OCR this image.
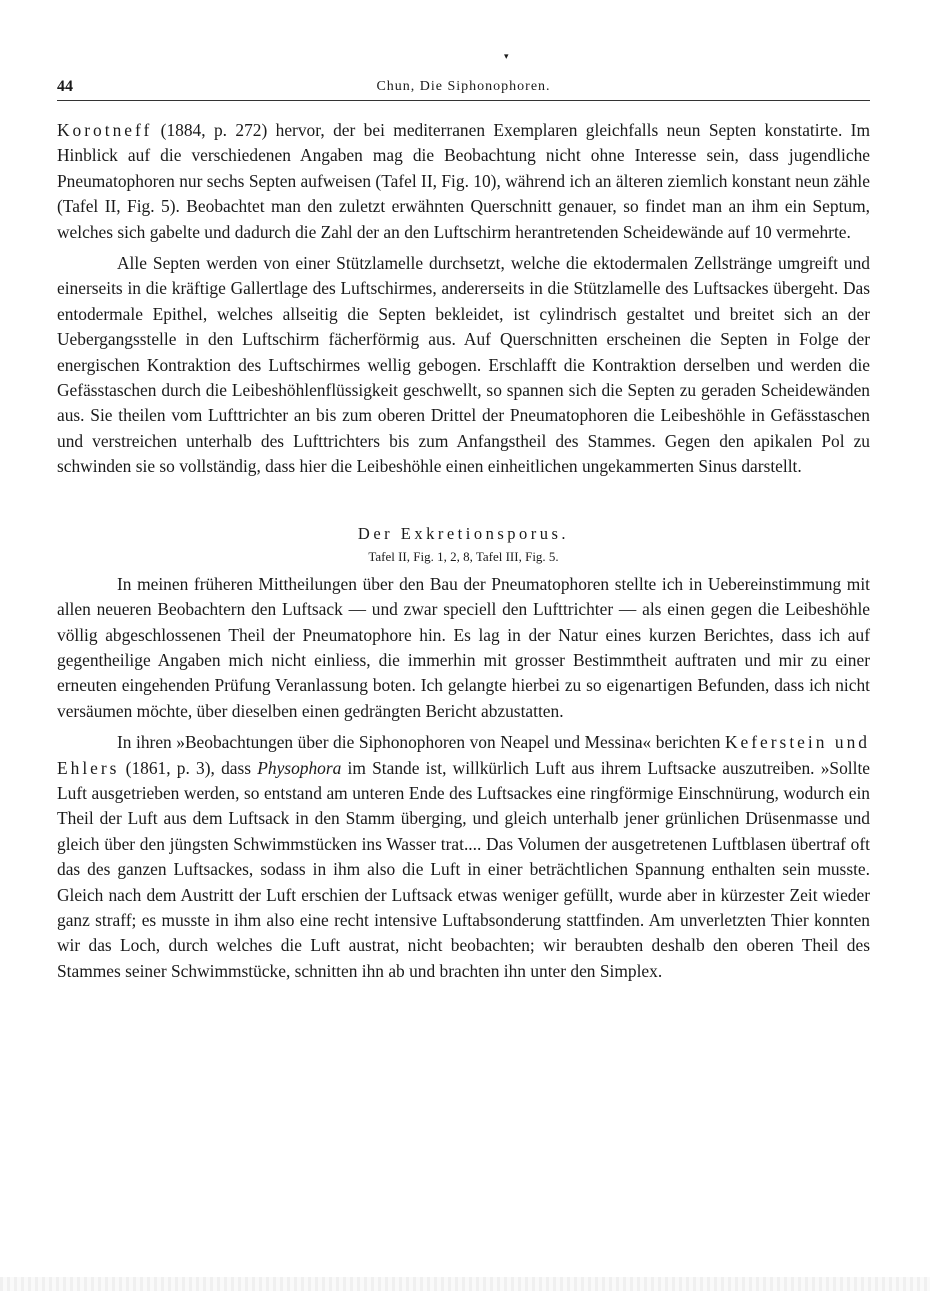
▾
44	Chun, Die Siphonophoren.

Korotneff (1884, p. 272) hervor, der bei mediterranen Exemplaren gleichfalls neun Septen konstatirte. Im Hinblick auf die verschiedenen Angaben mag die Beobachtung nicht ohne Interesse sein, dass jugendliche Pneumatophoren nur sechs Septen aufweisen (Tafel II, Fig. 10), während ich an älteren ziemlich konstant neun zähle (Tafel II, Fig. 5). Beobachtet man den zuletzt erwähnten Querschnitt genauer, so findet man an ihm ein Septum, welches sich gabelte und dadurch die Zahl der an den Luftschirm herantretenden Scheidewände auf 10 vermehrte.

Alle Septen werden von einer Stützlamelle durchsetzt, welche die ektodermalen Zellstränge umgreift und einerseits in die kräftige Gallertlage des Luftschirmes, andererseits in die Stützlamelle des Luftsackes übergeht. Das entodermale Epithel, welches allseitig die Septen bekleidet, ist cylindrisch gestaltet und breitet sich an der Uebergangsstelle in den Luftschirm fächerförmig aus. Auf Querschnitten erscheinen die Septen in Folge der energischen Kontraktion des Luftschirmes wellig gebogen. Erschlafft die Kontraktion derselben und werden die Gefässtaschen durch die Leibeshöhlenflüssigkeit geschwellt, so spannen sich die Septen zu geraden Scheidewänden aus. Sie theilen vom Lufttrichter an bis zum oberen Drittel der Pneumatophoren die Leibeshöhle in Gefässtaschen und verstreichen unterhalb des Lufttrichters bis zum Anfangstheil des Stammes. Gegen den apikalen Pol zu schwinden sie so vollständig, dass hier die Leibeshöhle einen einheitlichen ungekammerten Sinus darstellt.

Der Exkretionsporus.
Tafel II, Fig. 1, 2, 8, Tafel III, Fig. 5.

In meinen früheren Mittheilungen über den Bau der Pneumatophoren stellte ich in Uebereinstimmung mit allen neueren Beobachtern den Luftsack — und zwar speciell den Lufttrichter — als einen gegen die Leibeshöhle völlig abgeschlossenen Theil der Pneumatophore hin. Es lag in der Natur eines kurzen Berichtes, dass ich auf gegentheilige Angaben mich nicht einliess, die immerhin mit grosser Bestimmtheit auftraten und mir zu einer erneuten eingehenden Prüfung Veranlassung boten. Ich gelangte hierbei zu so eigenartigen Befunden, dass ich nicht versäumen möchte, über dieselben einen gedrängten Bericht abzustatten.

In ihren »Beobachtungen über die Siphonophoren von Neapel und Messina« berichten Keferstein und Ehlers (1861, p. 3), dass Physophora im Stande ist, willkürlich Luft aus ihrem Luftsacke auszutreiben. »Sollte Luft ausgetrieben werden, so entstand am unteren Ende des Luftsackes eine ringförmige Einschnürung, wodurch ein Theil der Luft aus dem Luftsack in den Stamm überging, und gleich unterhalb jener grünlichen Drüsenmasse und gleich über den jüngsten Schwimmstücken ins Wasser trat.... Das Volumen der ausgetretenen Luftblasen übertraf oft das des ganzen Luftsackes, sodass in ihm also die Luft in einer beträchtlichen Spannung enthalten sein musste. Gleich nach dem Austritt der Luft erschien der Luftsack etwas weniger gefüllt, wurde aber in kürzester Zeit wieder ganz straff; es musste in ihm also eine recht intensive Luftabsonderung stattfinden. Am unverletzten Thier konnten wir das Loch, durch welches die Luft austrat, nicht beobachten; wir beraubten deshalb den oberen Theil des Stammes seiner Schwimmstücke, schnitten ihn ab und brachten ihn unter den Simplex.
